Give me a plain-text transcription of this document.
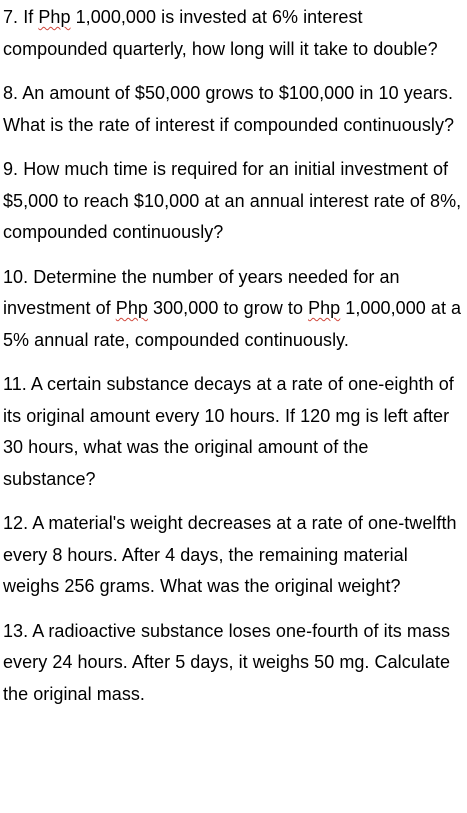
7. If Php 1,000,000 is invested at 6% interest compounded quarterly, how long will it take to double?

8. An amount of $50,000 grows to $100,000 in 10 years. What is the rate of interest if compounded continuously?

9. How much time is required for an initial investment of $5,000 to reach $10,000 at an annual interest rate of 8%, compounded continuously?

10. Determine the number of years needed for an investment of Php 300,000 to grow to Php 1,000,000 at a 5% annual rate, compounded continuously.

11. A certain substance decays at a rate of one-eighth of its original amount every 10 hours. If 120 mg is left after 30 hours, what was the original amount of the substance?

12. A material's weight decreases at a rate of one-twelfth every 8 hours. After 4 days, the remaining material weighs 256 grams. What was the original weight?

13. A radioactive substance loses one-fourth of its mass every 24 hours. After 5 days, it weighs 50 mg. Calculate the original mass.
